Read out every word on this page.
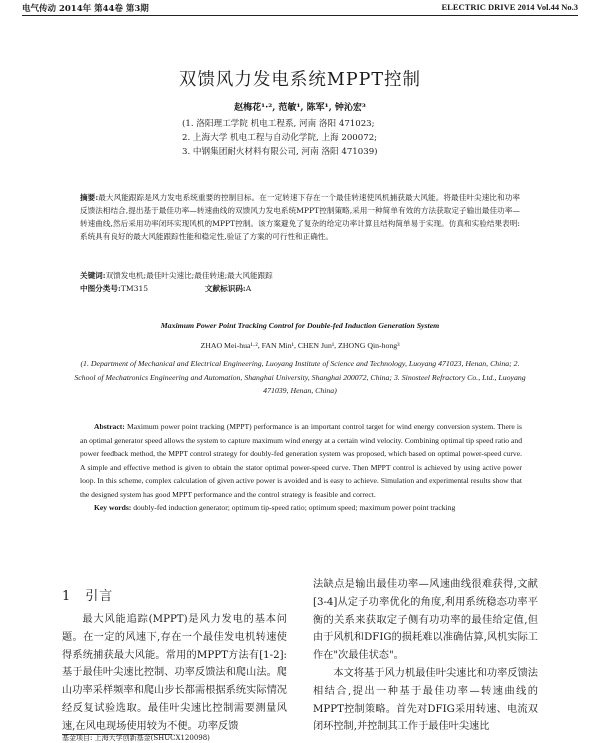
电气传动 2014年 第44卷 第3期	ELECTRIC DRIVE 2014 Vol.44 No.3
双馈风力发电系统MPPT控制
赵梅花¹·², 范敏¹, 陈军¹, 钟沁宏³
(1. 洛阳理工学院 机电工程系, 河南 洛阳 471023;
2. 上海大学 机电工程与自动化学院, 上海 200072;
3. 中钢集团耐火材料有限公司, 河南 洛阳 471039)

摘要:最大风能跟踪是风力发电系统重要的控制目标。在一定转速下存在一个最佳转速使风机捕获最大风能。将最佳叶尖速比和功率反馈法相结合,提出基于最佳功率—转速曲线的双馈风力发电系统MPPT控制策略,采用一种简单有效的方法获取定子输出最佳功率—转速曲线,然后采用功率闭环实现风机的MPPT控制。该方案避免了复杂的给定功率计算且结构简单易于实现。仿真和实验结果表明:系统具有良好的最大风能跟踪性能和稳定性,验证了方案的可行性和正确性。

关键词:双馈发电机;最佳叶尖速比;最佳转速;最大风能跟踪
中图分类号:TM315	文献标识码:A
Maximum Power Point Tracking Control for Double-fed Induction Generation System
ZHAO Mei-hua¹·², FAN Min¹, CHEN Jun¹, ZHONG Qin-hong³
(1. Department of Mechanical and Electrical Engineering, Luoyang Institute of Science and Technology, Luoyang 471023, Henan, China; 2. School of Mechatronics Engineering and Automation, Shanghai University, Shanghai 200072, China; 3. Sinosteel Refractory Co., Ltd., Luoyang 471039, Henan, China)

Abstract: Maximum power point tracking (MPPT) performance is an important control target for wind energy conversion system. There is an optimal generator speed allows the system to capture maximum wind energy at a certain wind velocity. Combining optimal tip speed ratio and power feedback method, the MPPT control strategy for doubly-fed generation system was proposed, which based on optimal power-speed curve. A simple and effective method is given to obtain the stator optimal power-speed curve. Then MPPT control is achieved by using active power loop. In this scheme, complex calculation of given active power is avoided and is easy to achieve. Simulation and experimental results show that the designed system has good MPPT performance and the control strategy is feasible and correct.

Key words: doubly-fed induction generator; optimum tip-speed ratio; optimum speed; maximum power point tracking

1 引言

最大风能追踪(MPPT)是风力发电的基本问题。在一定的风速下,存在一个最佳发电机转速使得系统捕获最大风能。常用的MPPT方法有[1-2]:基于最佳叶尖速比控制、功率反馈法和爬山法。爬山功率采样频率和爬山步长都需根据系统实际情况经反复试验选取。最佳叶尖速比控制需要测量风速,在风电现场使用较为不便。功率反馈

法缺点是输出最佳功率—风速曲线很难获得,文献[3-4]从定子功率优化的角度,利用系统稳态功率平衡的关系来获取定子侧有功功率的最佳给定值,但由于风机和DFIG的损耗难以准确估算,风机实际工作在"次最佳状态"。

本文将基于风力机最佳叶尖速比和功率反馈法相结合,提出一种基于最佳功率—转速曲线的MPPT控制策略。首先对DFIG采用转速、电流双闭环控制,并控制其工作于最佳叶尖速比

基金项目: 上海大学创新基金(SHUCX120098)
